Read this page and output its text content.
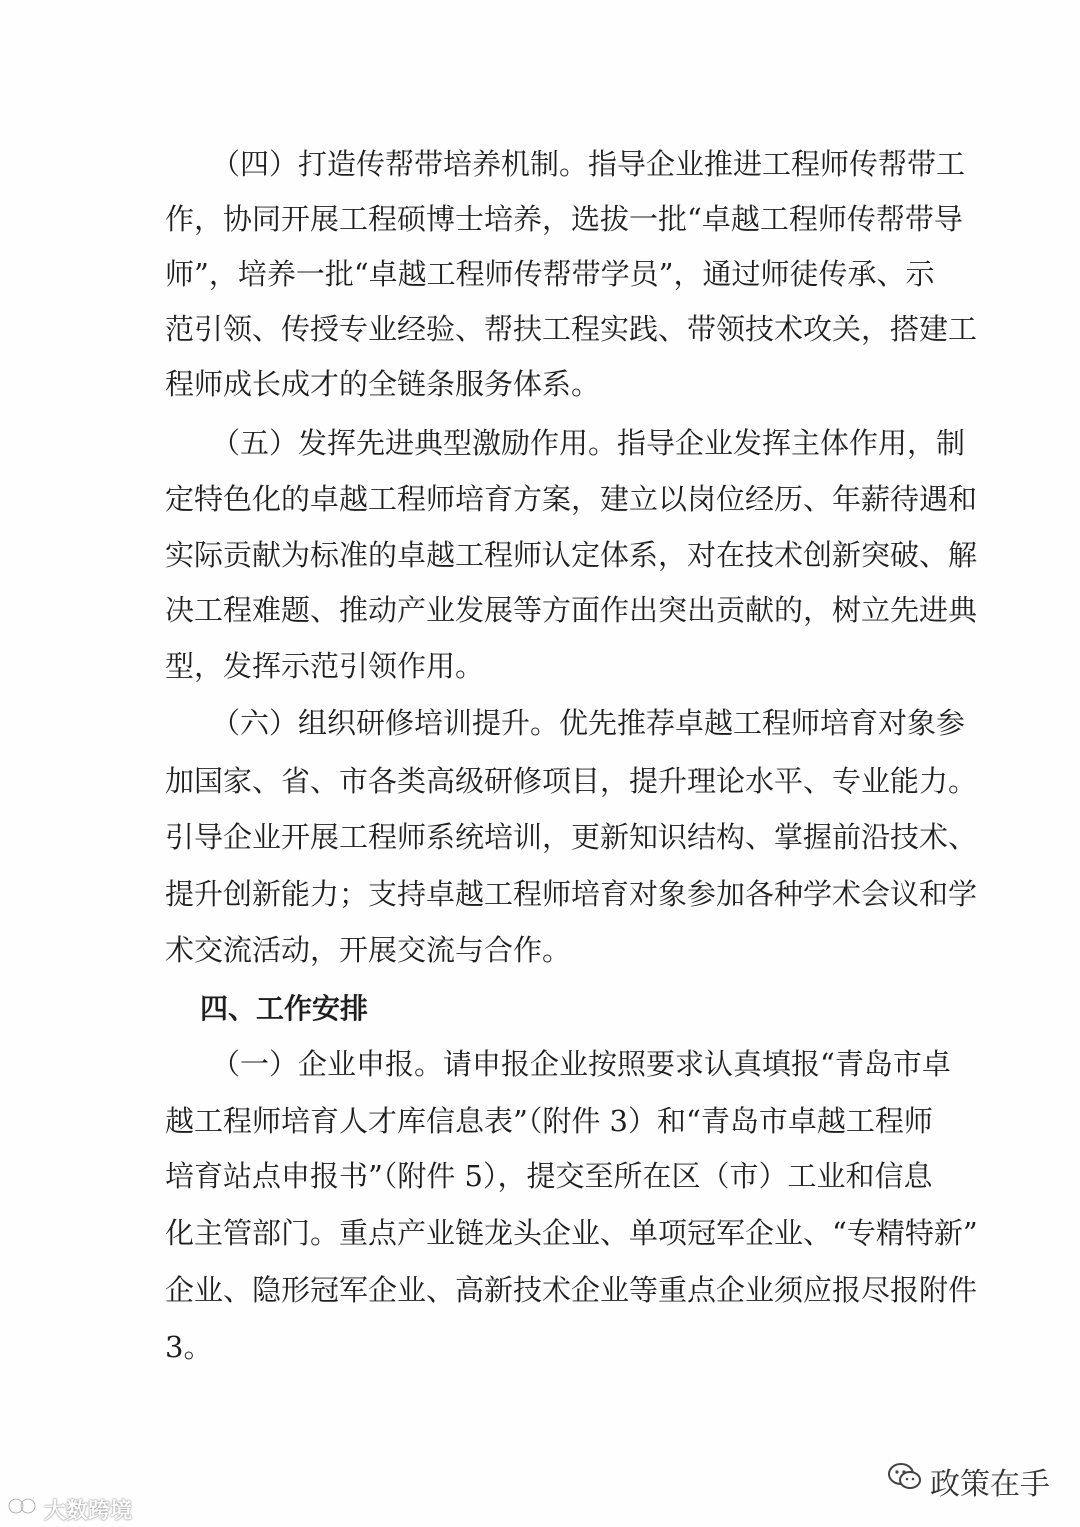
（四）打造传帮带培养机制。指导企业推进工程师传帮带工
作，协同开展工程硕博士培养，选拔一批“卓越工程师传帮带导
师”，培养一批“卓越工程师传帮带学员”，通过师徒传承、示
范引领、传授专业经验、帮扶工程实践、带领技术攻关，搭建工
程师成长成才的全链条服务体系。
（五）发挥先进典型激励作用。指导企业发挥主体作用，制
定特色化的卓越工程师培育方案，建立以岗位经历、年薪待遇和
实际贡献为标准的卓越工程师认定体系，对在技术创新突破、解
决工程难题、推动产业发展等方面作出突出贡献的，树立先进典
型，发挥示范引领作用。
（六）组织研修培训提升。优先推荐卓越工程师培育对象参
加国家、省、市各类高级研修项目，提升理论水平、专业能力。
引导企业开展工程师系统培训，更新知识结构、掌握前沿技术、
提升创新能力；支持卓越工程师培育对象参加各种学术会议和学
术交流活动，开展交流与合作。
四、工作安排
（一）企业申报。请申报企业按照要求认真填报“青岛市卓
越工程师培育人才库信息表”（附件 3）和“青岛市卓越工程师
培育站点申报书”（附件 5），提交至所在区（市）工业和信息
化主管部门。重点产业链龙头企业、单项冠军企业、“专精特新”
企业、隐形冠军企业、高新技术企业等重点企业须应报尽报附件
3。
政策在手
大数跨境
